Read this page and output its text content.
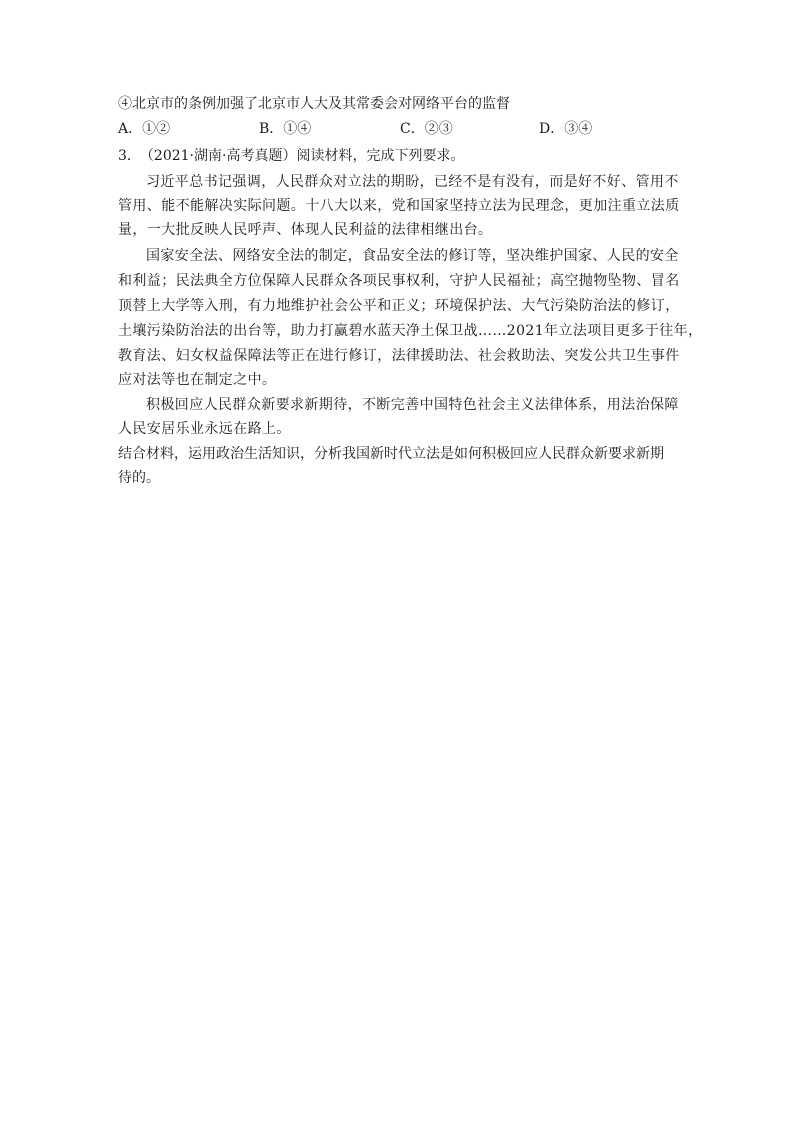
④北京市的条例加强了北京市人大及其常委会对网络平台的监督
A．①②	B．①④	C．②③	D．③④
3． （2021·湖南·高考真题）阅读材料，完成下列要求。
习近平总书记强调，人民群众对立法的期盼，已经不是有没有，而是好不好、管用不
管用、能不能解决实际问题。十八大以来，党和国家坚持立法为民理念，更加注重立法质
量，一大批反映人民呼声、体现人民利益的法律相继出台。
国家安全法、网络安全法的制定，食品安全法的修订等，坚决维护国家、人民的安全
和利益；民法典全方位保障人民群众各项民事权利，守护人民福祉；高空抛物坠物、冒名
顶替上大学等入刑，有力地维护社会公平和正义；环境保护法、大气污染防治法的修订，
土壤污染防治法的出台等，助力打赢碧水蓝天净土保卫战……2021年立法项目更多于往年，
教育法、妇女权益保障法等正在进行修订，法律援助法、社会救助法、突发公共卫生事件
应对法等也在制定之中。
积极回应人民群众新要求新期待，不断完善中国特色社会主义法律体系，用法治保障
人民安居乐业永远在路上。
结合材料，运用政治生活知识，分析我国新时代立法是如何积极回应人民群众新要求新期
待的。
